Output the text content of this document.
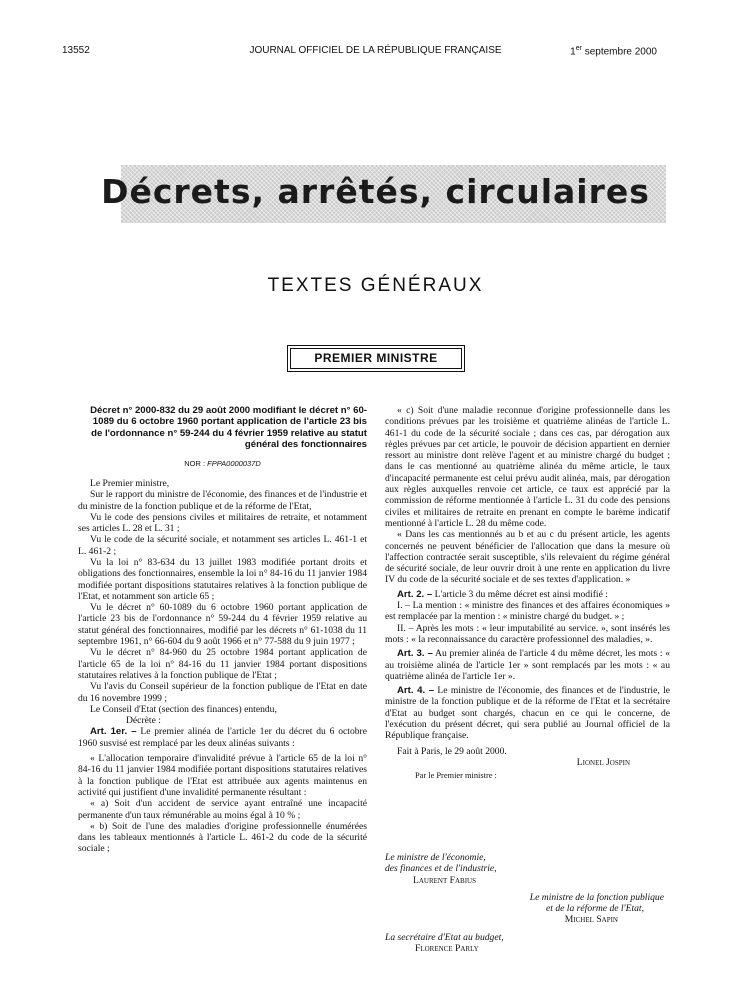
13552	JOURNAL OFFICIEL DE LA RÉPUBLIQUE FRANÇAISE	1er septembre 2000
Décrets, arrêtés, circulaires
TEXTES GÉNÉRAUX
PREMIER MINISTRE
Décret n° 2000-832 du 29 août 2000 modifiant le décret n° 60-1089 du 6 octobre 1960 portant application de l'article 23 bis de l'ordonnance n° 59-244 du 4 février 1959 relative au statut général des fonctionnaires
NOR : FPPA0000037D

Le Premier ministre,

Sur le rapport du ministre de l'économie, des finances et de l'industrie et du ministre de la fonction publique et de la réforme de l'Etat,

Vu le code des pensions civiles et militaires de retraite, et notamment ses articles L. 28 et L. 31 ;

Vu le code de la sécurité sociale, et notamment ses articles L. 461-1 et L. 461-2 ;

Vu la loi n° 83-634 du 13 juillet 1983 modifiée portant droits et obligations des fonctionnaires, ensemble la loi n° 84-16 du 11 janvier 1984 modifiée portant dispositions statutaires relatives à la fonction publique de l'Etat, et notamment son article 65 ;

Vu le décret n° 60-1089 du 6 octobre 1960 portant application de l'article 23 bis de l'ordonnance n° 59-244 du 4 février 1959 relative au statut général des fonctionnaires, modifié par les décrets n° 61-1038 du 11 septembre 1961, n° 66-604 du 9 août 1966 et n° 77-588 du 9 juin 1977 ;

Vu le décret n° 84-960 du 25 octobre 1984 portant application de l'article 65 de la loi n° 84-16 du 11 janvier 1984 portant dispositions statutaires relatives à la fonction publique de l'Etat ;

Vu l'avis du Conseil supérieur de la fonction publique de l'Etat en date du 16 novembre 1999 ;

Le Conseil d'Etat (section des finances) entendu,

Décrète :

Art. 1er. – Le premier alinéa de l'article 1er du décret du 6 octobre 1960 susvisé est remplacé par les deux alinéas suivants :

« L'allocation temporaire d'invalidité prévue à l'article 65 de la loi n° 84-16 du 11 janvier 1984 modifiée portant dispositions statutaires relatives à la fonction publique de l'Etat est attribuée aux agents maintenus en activité qui justifient d'une invalidité permanente résultant :

« a) Soit d'un accident de service ayant entraîné une incapacité permanente d'un taux rémunérable au moins égal à 10 % ;

« b) Soit de l'une des maladies d'origine professionnelle énumérées dans les tableaux mentionnés à l'article L. 461-2 du code de la sécurité sociale ;

« c) Soit d'une maladie reconnue d'origine professionnelle dans les conditions prévues par les troisième et quatrième alinéas de l'article L. 461-1 du code de la sécurité sociale ; dans ces cas, par dérogation aux règles prévues par cet article, le pouvoir de décision appartient en dernier ressort au ministre dont relève l'agent et au ministre chargé du budget ; dans le cas mentionné au quatrième alinéa du même article, le taux d'incapacité permanente est celui prévu audit alinéa, mais, par dérogation aux règles auxquelles renvoie cet article, ce taux est apprécié par la commission de réforme mentionnée à l'article L. 31 du code des pensions civiles et militaires de retraite en prenant en compte le barème indicatif mentionné à l'article L. 28 du même code.

« Dans les cas mentionnés au b et au c du présent article, les agents concernés ne peuvent bénéficier de l'allocation que dans la mesure où l'affection contractée serait susceptible, s'ils relevaient du régime général de sécurité sociale, de leur ouvrir droit à une rente en application du livre IV du code de la sécurité sociale et de ses textes d'application. »

Art. 2. – L'article 3 du même décret est ainsi modifié :

I. – La mention : « ministre des finances et des affaires économiques » est remplacée par la mention : « ministre chargé du budget. » ;

II. – Après les mots : « leur imputabilité au service. », sont insérés les mots : « la reconnaissance du caractère professionnel des maladies, ».

Art. 3. – Au premier alinéa de l'article 4 du même décret, les mots : « au troisième alinéa de l'article 1er » sont remplacés par les mots : « au quatrième alinéa de l'article 1er ».

Art. 4. – Le ministre de l'économie, des finances et de l'industrie, le ministre de la fonction publique et de la réforme de l'Etat et la secrétaire d'Etat au budget sont chargés, chacun en ce qui le concerne, de l'exécution du présent décret, qui sera publié au Journal officiel de la République française.

Fait à Paris, le 29 août 2000.

Lionel Jospin
Par le Premier ministre :
Le ministre de l'économie,
des finances et de l'industrie,
Laurent Fabius
Le ministre de la fonction publique
et de la réforme de l'Etat,
Michel Sapin
La secrétaire d'Etat au budget,
Florence Parly
